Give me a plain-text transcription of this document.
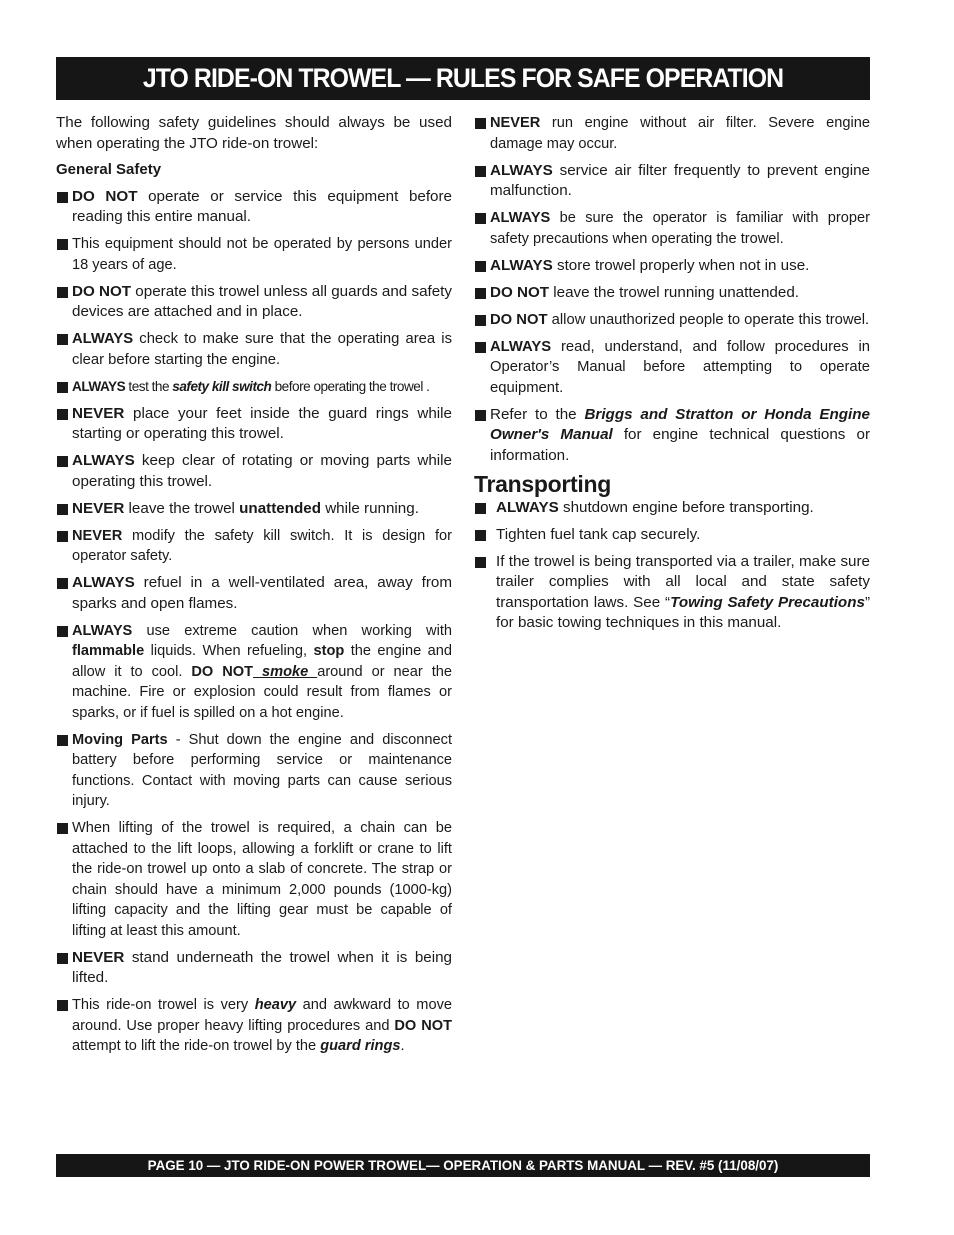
JTO RIDE-ON TROWEL — RULES FOR SAFE OPERATION

The following safety guidelines should always be used when operating the JTO ride-on trowel:

General Safety

DO NOT operate or service this equipment before reading this entire manual.
This equipment should not be operated by persons under 18 years of age.
DO NOT operate this trowel unless all guards and safety devices are attached and in place.
ALWAYS check to make sure that the operating area is clear before starting the engine.
ALWAYS test the safety kill switch before operating the trowel .
NEVER place your feet inside the guard rings while starting or operating this trowel.
ALWAYS keep clear of rotating or moving parts while operating this trowel.
NEVER leave the trowel unattended while running.
NEVER modify the safety kill switch. It is design for operator safety.
ALWAYS refuel in a well-ventilated area, away from sparks and open flames.
ALWAYS use extreme caution when working with flammable liquids. When refueling, stop the engine and allow it to cool. DO NOT smoke around or near the machine. Fire or explosion could result from flames or sparks, or if fuel is spilled on a hot engine.
Moving Parts - Shut down the engine and disconnect battery before performing service or maintenance functions. Contact with moving parts can cause serious injury.
When lifting of the trowel is required, a chain can be attached to the lift loops, allowing a forklift or crane to lift the ride-on trowel up onto a slab of concrete. The strap or chain should have a minimum 2,000 pounds (1000-kg) lifting capacity and the lifting gear must be capable of lifting at least this amount.
NEVER stand underneath the trowel when it is being lifted.
This ride-on trowel is very heavy and awkward to move around. Use proper heavy lifting procedures and DO NOT attempt to lift the ride-on trowel by the guard rings.
NEVER run engine without air filter. Severe engine damage may occur.
ALWAYS service air filter frequently to prevent engine malfunction.
ALWAYS be sure the operator is familiar with proper safety precautions when operating the trowel.
ALWAYS store trowel properly when not in use.
DO NOT leave the trowel running unattended.
DO NOT allow unauthorized people to operate this trowel.
ALWAYS read, understand, and follow procedures in Operator’s Manual before attempting to operate equipment.
Refer to the Briggs and Stratton or Honda Engine Owner's Manual for engine technical questions or information.
Transporting
ALWAYS shutdown engine before transporting.
Tighten fuel tank cap securely.
If the trowel is being transported via a trailer, make sure trailer complies with all local and state safety transportation laws. See “Towing Safety Precautions” for basic towing techniques in this manual.
PAGE 10 — JTO RIDE-ON POWER TROWEL— OPERATION & PARTS MANUAL — REV. #5 (11/08/07)
